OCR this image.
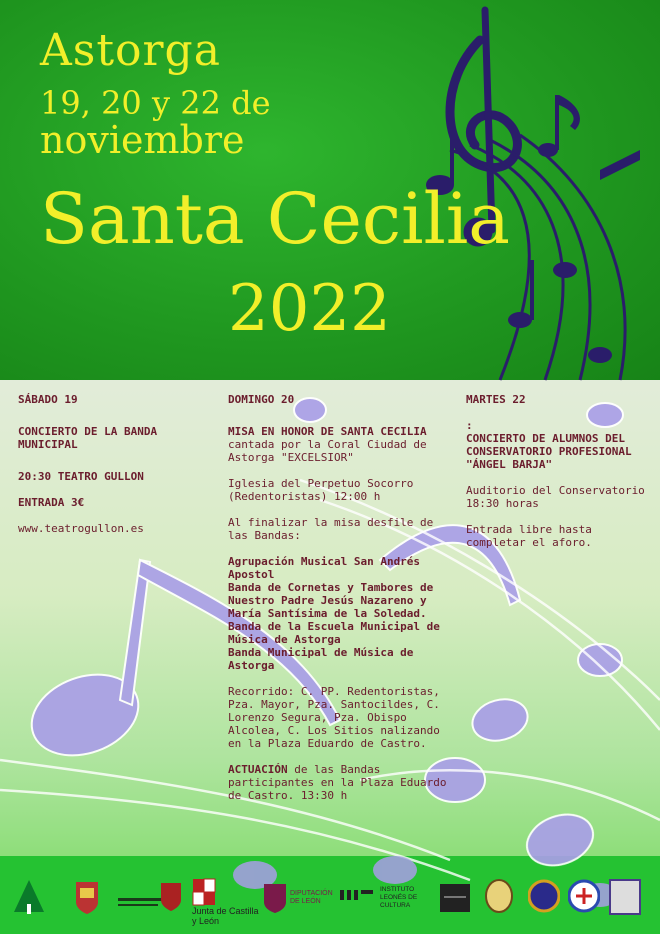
Astorga
19, 20 y 22 de
noviembre
Santa Cecilia
2022

SÁBADO 19

CONCIERTO DE LA BANDA MUNICIPAL

20:30 TEATRO GULLON

ENTRADA 3€

www.teatrogullon.es

DOMINGO 20

MISA EN HONOR DE SANTA CECILIA

cantada por la Coral Ciudad de Astorga "EXCELSIOR"

Iglesia del Perpetuo Socorro (Redentoristas) 12:00 h

Al finalizar la misa desfile de las Bandas:

Agrupación Musical San Andrés Apostol
Banda de Cornetas y Tambores de Nuestro Padre Jesús Nazareno y María Santísima de la Soledad.
Banda de la Escuela Municipal de Música de Astorga
Banda Municipal de Música de Astorga

Recorrido: C. PP. Redentoristas, Pza. Mayor, Pza. Santocildes, C. Lorenzo Segura, Pza. Obispo Alcolea, C. Los Sitios nalizando en la Plaza Eduardo de Castro.

ACTUACIÓN de las Bandas participantes en la Plaza Eduardo de Castro. 13:30 h

MARTES 22

:

CONCIERTO DE ALUMNOS DEL CONSERVATORIO PROFESIONAL "ÁNGEL BARJA"

Auditorio del Conservatorio 18:30 horas

Entrada libre hasta completar el aforo.

Junta de Castilla y León
DIPUTACIÓN DE LEÓN
INSTITUTO LEONÉS DE CULTURA
